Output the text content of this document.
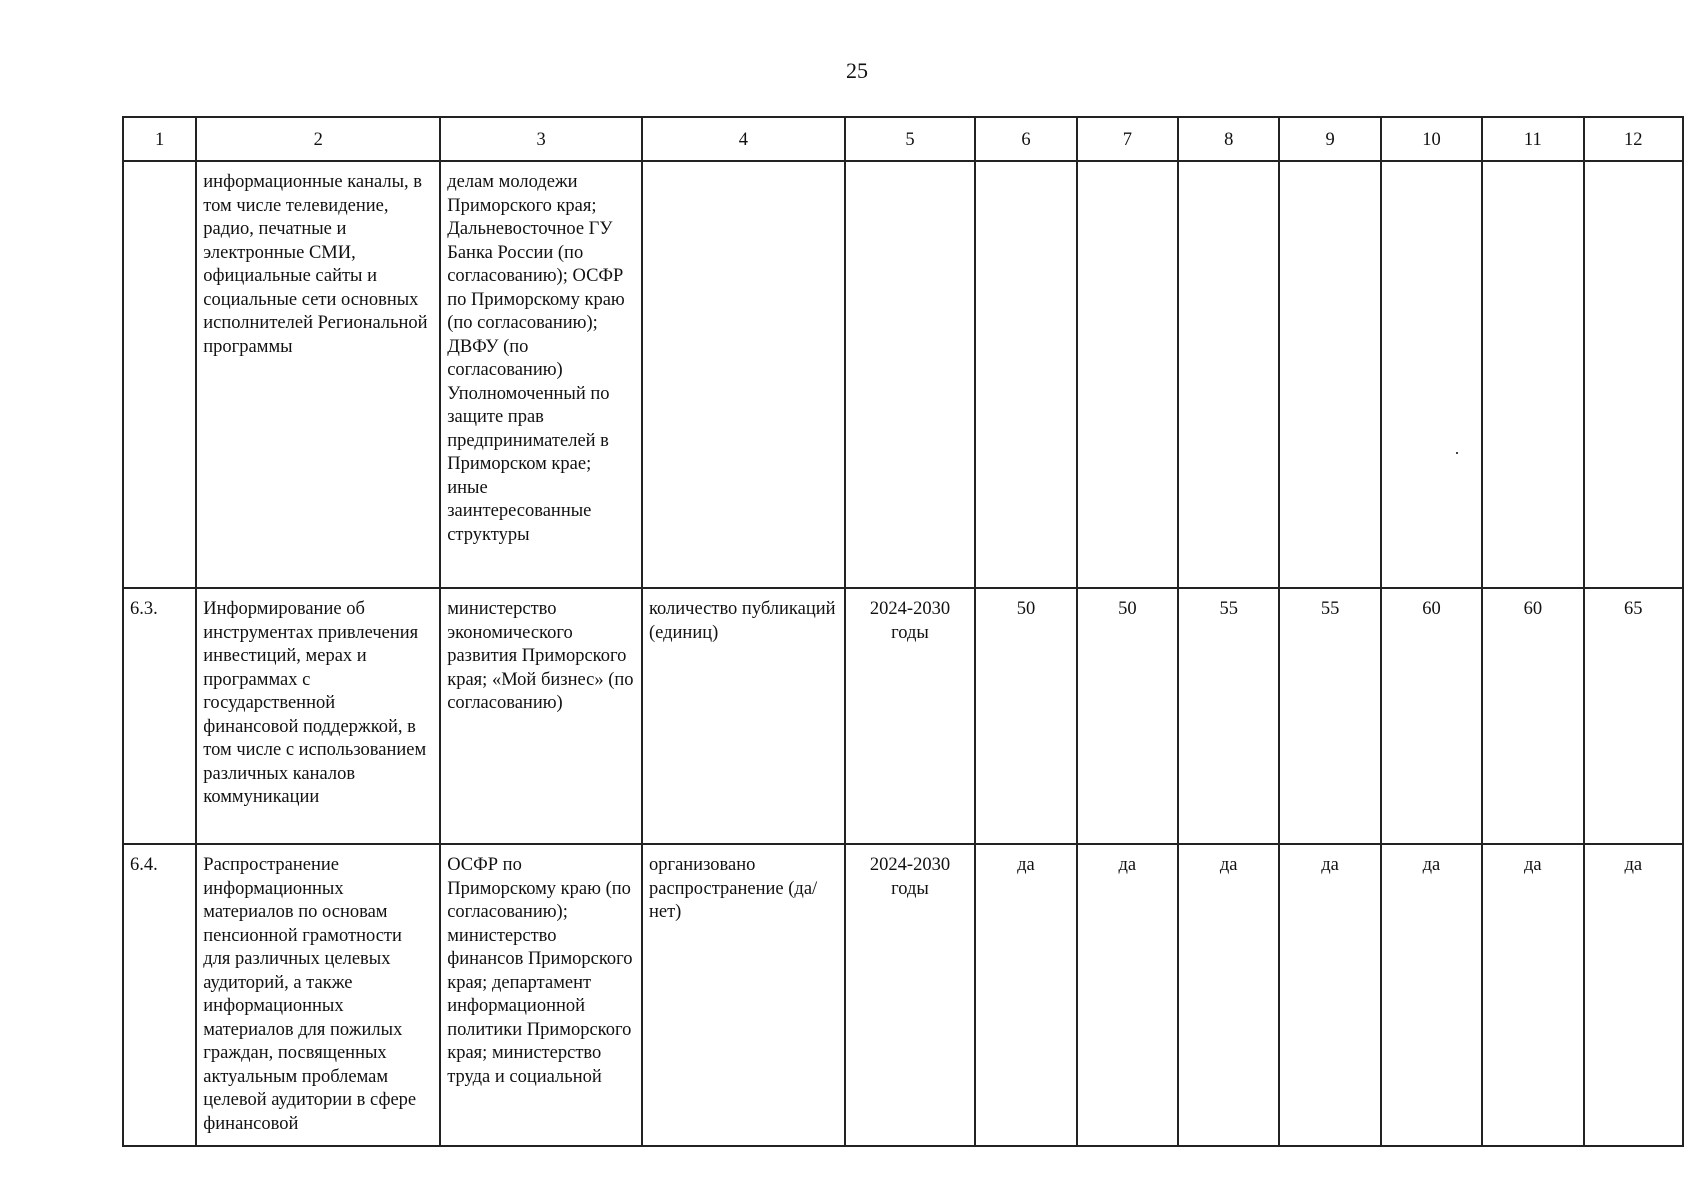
25
1	2	3	4	5	6	7	8	9	10	11	12
	информационные каналы, в том числе телевидение, радио, печатные и электронные СМИ, официальные сайты и социальные сети основных исполнителей Региональной программы	делам молодежи Приморского края; Дальневосточное ГУ Банка России (по согласованию); ОСФР по Приморскому краю (по согласованию); ДВФУ (по согласованию) Уполномоченный по защите прав предпринимателей в Приморском крае; иные заинтересованные структуры									
6.3.	Информирование об инструментах привлечения инвестиций, мерах и программах с государственной финансовой поддержкой, в том числе с использованием различных каналов коммуникации	министерство экономического развития Приморского края; «Мой бизнес» (по согласованию)	количество публикаций (единиц)	2024-2030 годы	50	50	55	55	60	60	65
6.4.	Распространение информационных материалов по основам пенсионной грамотности для различных целевых аудиторий, а также информационных материалов для пожилых граждан, посвященных актуальным проблемам целевой аудитории в сфере финансовой	ОСФР по Приморскому краю (по согласованию); министерство финансов Приморского края; департамент информационной политики Приморского края; министерство труда и социальной	организовано распространение (да/нет)	2024-2030 годы	да	да	да	да	да	да	да
